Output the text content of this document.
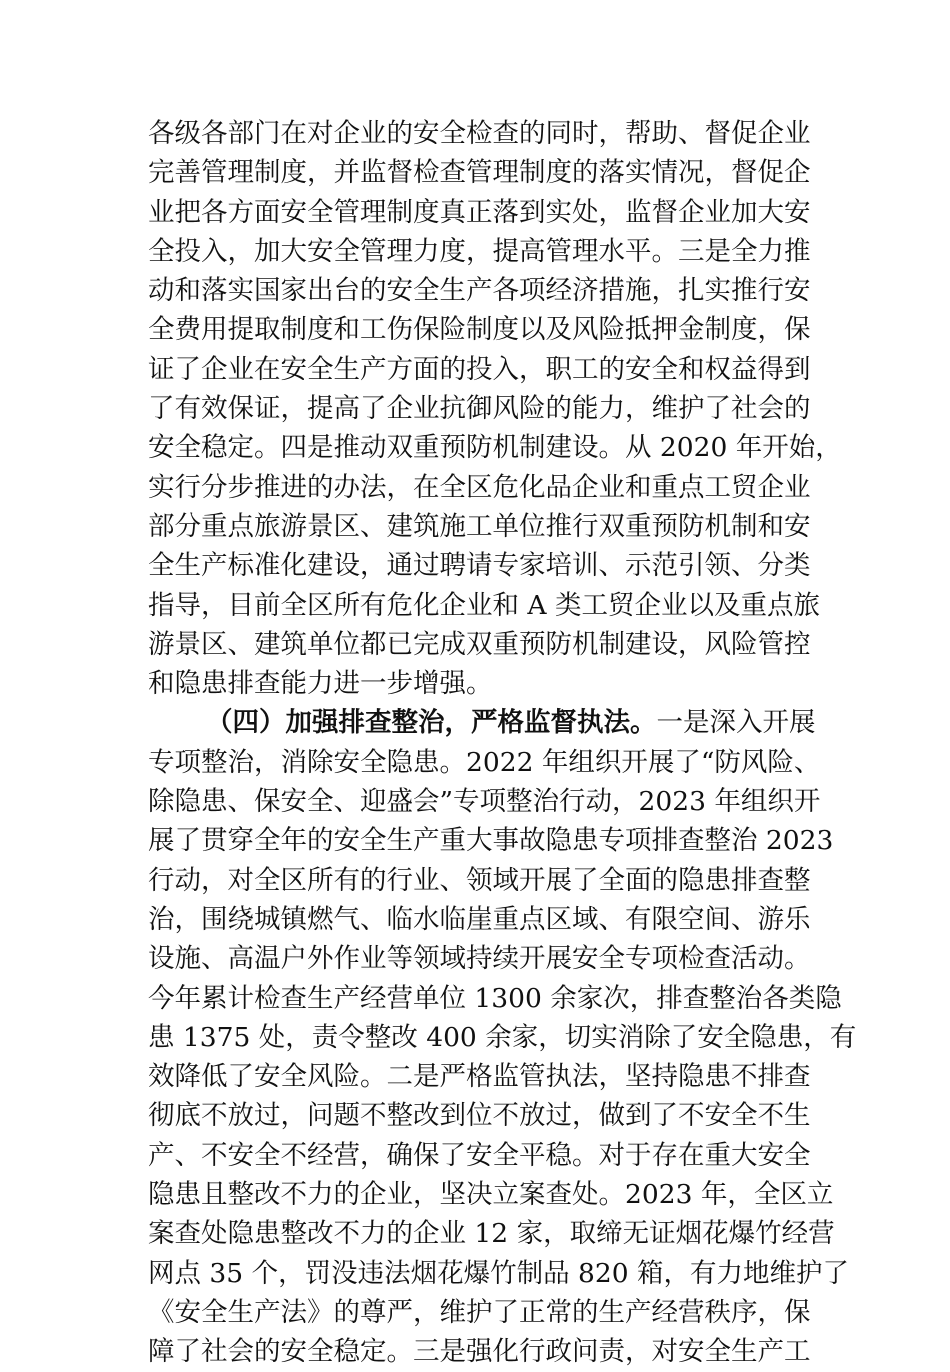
各级各部门在对企业的安全检查的同时，帮助、督促企业
完善管理制度，并监督检查管理制度的落实情况，督促企
业把各方面安全管理制度真正落到实处，监督企业加大安
全投入，加大安全管理力度，提高管理水平。三是全力推
动和落实国家出台的安全生产各项经济措施，扎实推行安
全费用提取制度和工伤保险制度以及风险抵押金制度，保
证了企业在安全生产方面的投入，职工的安全和权益得到
了有效保证，提高了企业抗御风险的能力，维护了社会的
安全稳定。四是推动双重预防机制建设。从 2020 年开始，
实行分步推进的办法，在全区危化品企业和重点工贸企业
部分重点旅游景区、建筑施工单位推行双重预防机制和安
全生产标准化建设，通过聘请专家培训、示范引领、分类
指导，目前全区所有危化企业和 A 类工贸企业以及重点旅
游景区、建筑单位都已完成双重预防机制建设，风险管控
和隐患排查能力进一步增强。
（四）加强排查整治，严格监督执法。一是深入开展
专项整治，消除安全隐患。2022 年组织开展了“防风险、
除隐患、保安全、迎盛会”专项整治行动，2023 年组织开
展了贯穿全年的安全生产重大事故隐患专项排查整治 2023
行动，对全区所有的行业、领域开展了全面的隐患排查整
治，围绕城镇燃气、临水临崖重点区域、有限空间、游乐
设施、高温户外作业等领域持续开展安全专项检查活动。
今年累计检查生产经营单位 1300 余家次，排查整治各类隐
患 1375 处，责令整改 400 余家，切实消除了安全隐患，有
效降低了安全风险。二是严格监管执法，坚持隐患不排查
彻底不放过，问题不整改到位不放过，做到了不安全不生
产、不安全不经营，确保了安全平稳。对于存在重大安全
隐患且整改不力的企业，坚决立案查处。2023 年，全区立
案查处隐患整改不力的企业 12 家，取缔无证烟花爆竹经营
网点 35 个，罚没违法烟花爆竹制品 820 箱，有力地维护了
《安全生产法》的尊严，维护了正常的生产经营秩序，保
障了社会的安全稳定。三是强化行政问责，对安全生产工
